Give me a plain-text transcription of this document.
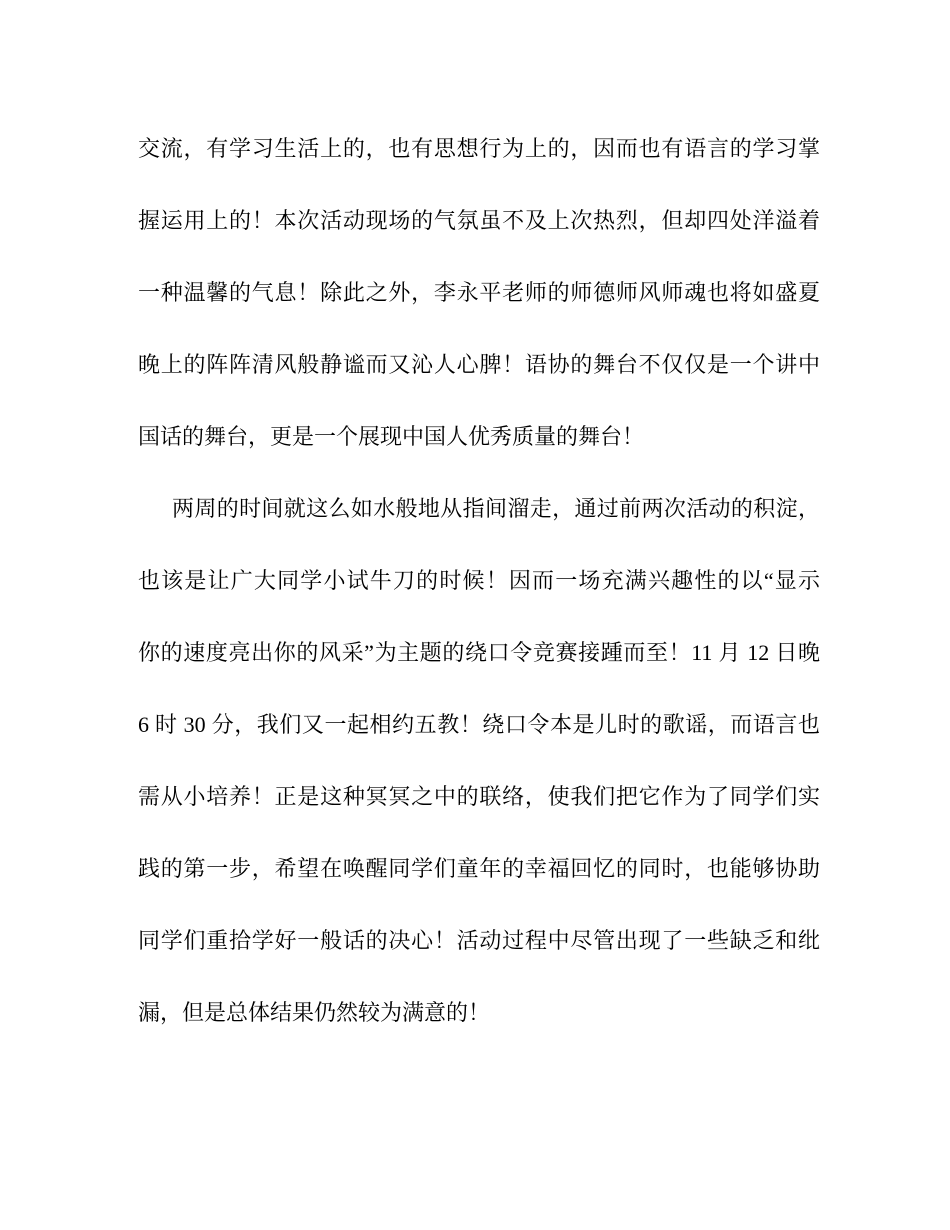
交流，有学习生活上的，也有思想行为上的，因而也有语言的学习掌
握运用上的！本次活动现场的气氛虽不及上次热烈，但却四处洋溢着
一种温馨的气息！除此之外，李永平老师的师德师风师魂也将如盛夏
晚上的阵阵清风般静谧而又沁人心脾！语协的舞台不仅仅是一个讲中
国话的舞台，更是一个展现中国人优秀质量的舞台！
两周的时间就这么如水般地从指间溜走，通过前两次活动的积淀，
也该是让广大同学小试牛刀的时候！因而一场充满兴趣性的以“显示
你的速度亮出你的风采”为主题的绕口令竞赛接踵而至！11 月 12 日晚
6 时 30 分，我们又一起相约五教！绕口令本是儿时的歌谣，而语言也
需从小培养！正是这种冥冥之中的联络，使我们把它作为了同学们实
践的第一步，希望在唤醒同学们童年的幸福回忆的同时，也能够协助
同学们重拾学好一般话的决心！活动过程中尽管出现了一些缺乏和纰
漏，但是总体结果仍然较为满意的！
